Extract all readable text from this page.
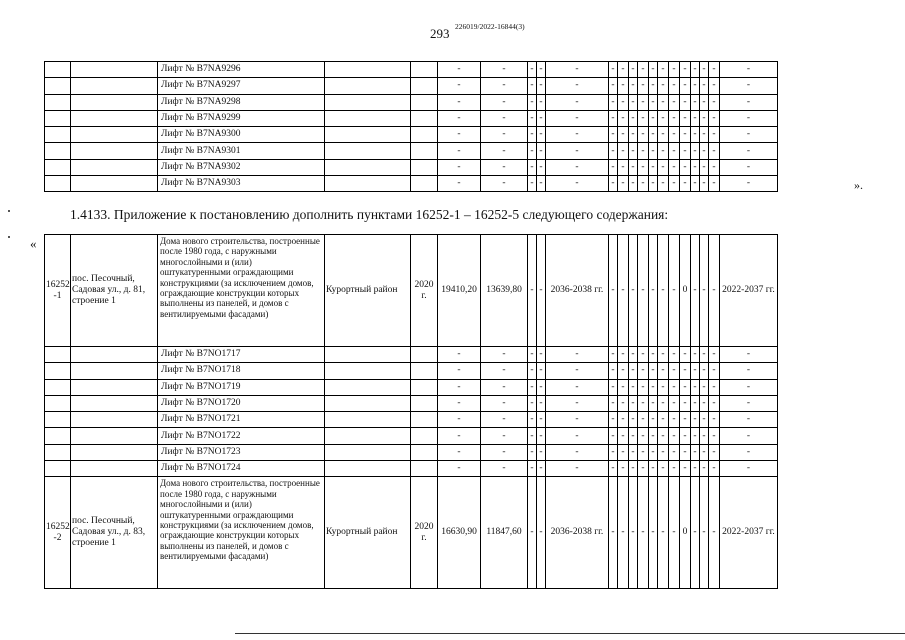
293 226019/2022-16844(3)
		Лифт № B7NA9296			-	-	-	-	-	-	-	-	-	-	-	-	-	-	-	-	-
		Лифт № B7NA9297			-	-	-	-	-	-	-	-	-	-	-	-	-	-	-	-	-
		Лифт № B7NA9298			-	-	-	-	-	-	-	-	-	-	-	-	-	-	-	-	-
		Лифт № B7NA9299			-	-	-	-	-	-	-	-	-	-	-	-	-	-	-	-	-
		Лифт № B7NA9300			-	-	-	-	-	-	-	-	-	-	-	-	-	-	-	-	-
		Лифт № B7NA9301			-	-	-	-	-	-	-	-	-	-	-	-	-	-	-	-	-
		Лифт № B7NA9302			-	-	-	-	-	-	-	-	-	-	-	-	-	-	-	-	-
		Лифт № B7NA9303			-	-	-	-	-	-	-	-	-	-	-	-	-	-	-	-	-	».
1.4133. Приложение к постановлению дополнить пунктами 16252-1 – 16252-5 следующего содержания:
«
16252
-1	пос. Песочный, Садовая ул., д. 81, строение 1	Дома нового строительства, построенные после 1980 года, с наружными многослойными и (или) оштукатуренными ограждающими конструкциями (за исключением домов, ограждающие конструкции которых выполнены из панелей, и домов с вентилируемыми фасадами)	Курортный район	2020 г.	19410,20	13639,80	-	-	2036-2038 гг.	-	-	-	-	-	-	-	0	-	-	-	2022-2037 гг.
		Лифт № B7NO1717			-	-	-	-	-	-	-	-	-	-	-	-	-	-	-	-	-
		Лифт № B7NO1718			-	-	-	-	-	-	-	-	-	-	-	-	-	-	-	-	-
		Лифт № B7NO1719			-	-	-	-	-	-	-	-	-	-	-	-	-	-	-	-	-
		Лифт № B7NO1720			-	-	-	-	-	-	-	-	-	-	-	-	-	-	-	-	-
		Лифт № B7NO1721			-	-	-	-	-	-	-	-	-	-	-	-	-	-	-	-	-
		Лифт № B7NO1722			-	-	-	-	-	-	-	-	-	-	-	-	-	-	-	-	-
		Лифт № B7NO1723			-	-	-	-	-	-	-	-	-	-	-	-	-	-	-	-	-
		Лифт № B7NO1724			-	-	-	-	-	-	-	-	-	-	-	-	-	-	-	-	-
16252
-2	пос. Песочный, Садовая ул., д. 83, строение 1	Дома нового строительства, построенные после 1980 года, с наружными многослойными и (или) оштукатуренными ограждающими конструкциями (за исключением домов, ограждающие конструкции которых выполнены из панелей, и домов с вентилируемыми фасадами)	Курортный район	2020 г.	16630,90	11847,60	-	-	2036-2038 гг.	-	-	-	-	-	-	-	0	-	-	-	2022-2037 гг.
